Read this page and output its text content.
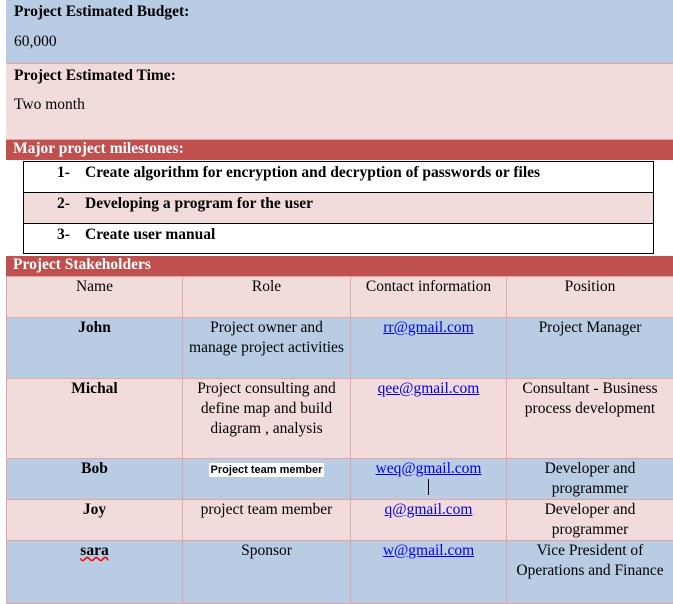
Project Estimated Budget:
60,000
Project Estimated Time:
Two month
Major project milestones:
1- Create algorithm for encryption and decryption of passwords or files
2- Developing a program for the user
3- Create user manual
Project Stakeholders
Name	Role	Contact information	Position
John	Project owner and manage project activities	rr@gmail.com	Project Manager
Michal	Project consulting and define map and build diagram , analysis	qee@gmail.com	Consultant - Business process development
Bob	Project team member	weq@gmail.com	Developer and programmer
Joy	project team member	q@gmail.com	Developer and programmer
sara	Sponsor	w@gmail.com	Vice President of Operations and Finance
